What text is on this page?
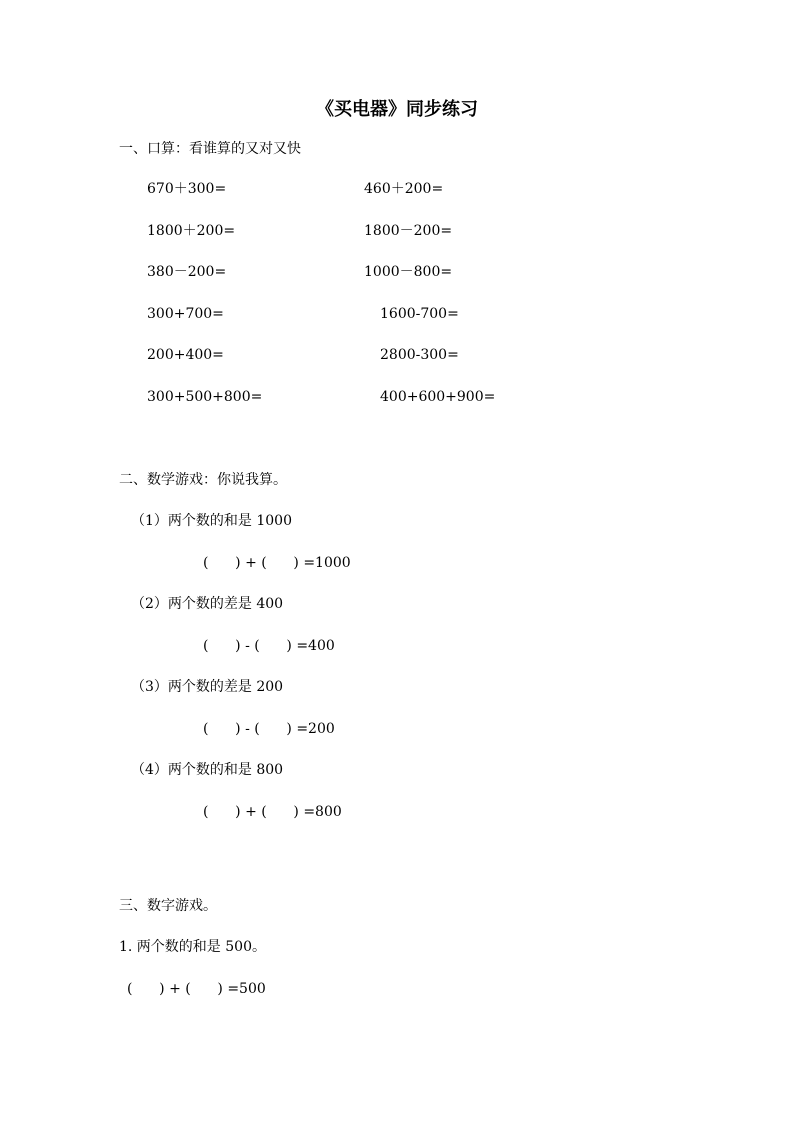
《买电器》同步练习
一、口算：看谁算的又对又快
670＋300=	460＋200=
1800＋200=	1800－200=
380－200=	1000－800=
300+700=	1600-700=
200+400=	2800-300=
300+500+800=	400+600+900=
二、数学游戏：你说我算。
（1）两个数的和是 1000
(      ) + (      ) =1000
（2）两个数的差是 400
(      ) - (      ) =400
（3）两个数的差是 200
(      ) - (      ) =200
（4）两个数的和是 800
(      ) + (      ) =800
三、数字游戏。
1. 两个数的和是 500。
(      ) + (      ) =500
